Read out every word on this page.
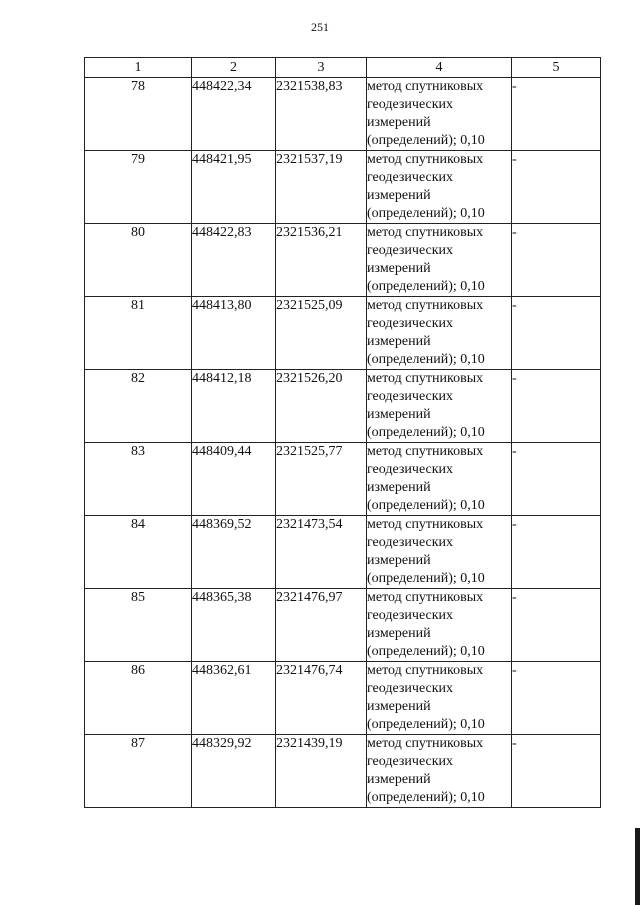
251
1	2	3	4	5
78	448422,34	2321538,83	метод спутниковых
геодезических
измерений
(определений); 0,10	-
79	448421,95	2321537,19	метод спутниковых
геодезических
измерений
(определений); 0,10	-
80	448422,83	2321536,21	метод спутниковых
геодезических
измерений
(определений); 0,10	-
81	448413,80	2321525,09	метод спутниковых
геодезических
измерений
(определений); 0,10	-
82	448412,18	2321526,20	метод спутниковых
геодезических
измерений
(определений); 0,10	-
83	448409,44	2321525,77	метод спутниковых
геодезических
измерений
(определений); 0,10	-
84	448369,52	2321473,54	метод спутниковых
геодезических
измерений
(определений); 0,10	-
85	448365,38	2321476,97	метод спутниковых
геодезических
измерений
(определений); 0,10	-
86	448362,61	2321476,74	метод спутниковых
геодезических
измерений
(определений); 0,10	-
87	448329,92	2321439,19	метод спутниковых
геодезических
измерений
(определений); 0,10	-
